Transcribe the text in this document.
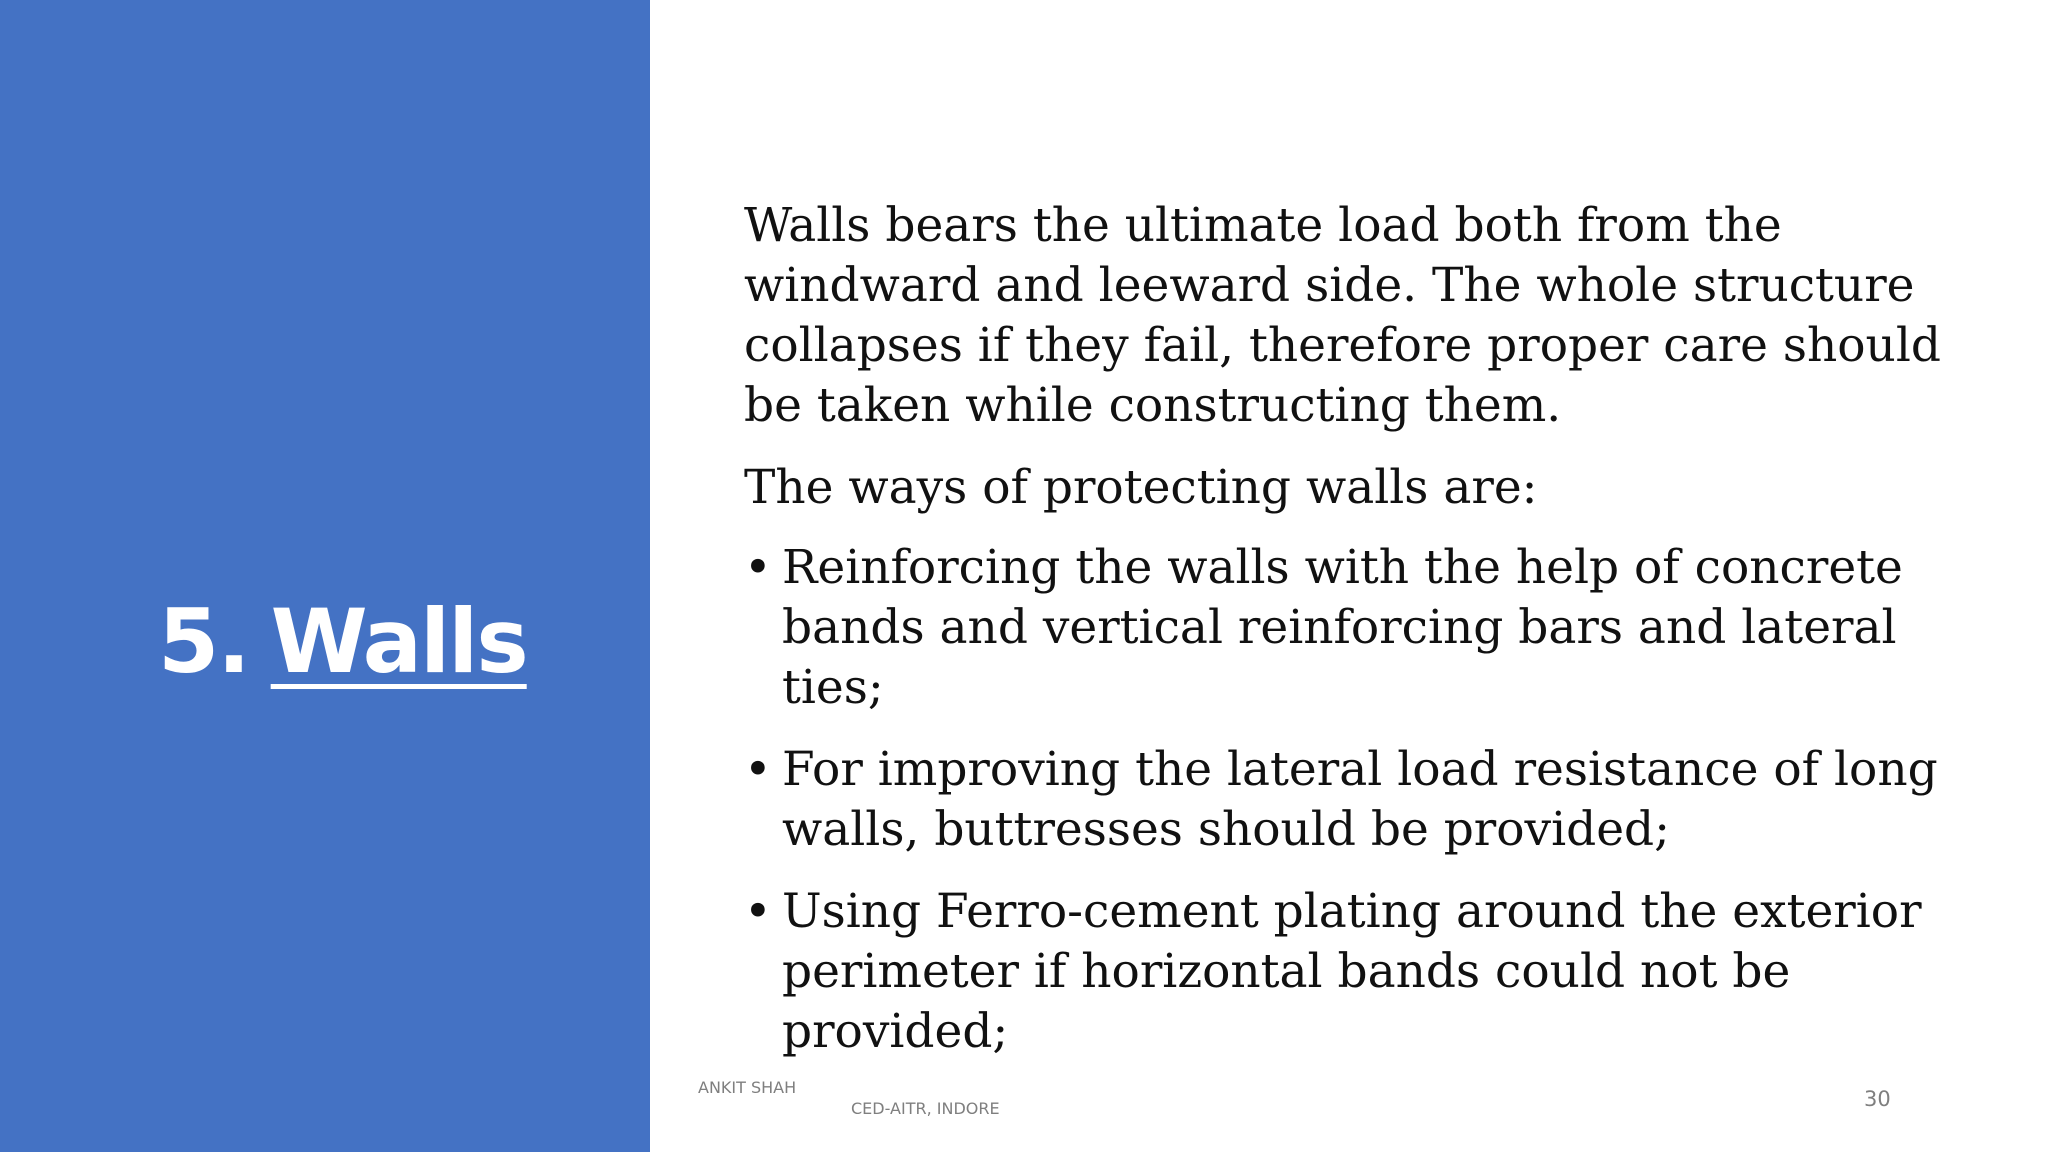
5. Walls

Walls bears the ultimate load both from the windward and leeward side. The whole structure collapses if they fail, therefore proper care should be taken while constructing them.

The ways of protecting walls are:

• Reinforcing the walls with the help of concrete bands and vertical reinforcing bars and lateral ties;
• For improving the lateral load resistance of long walls, buttresses should be provided;
• Using Ferro-cement plating around the exterior perimeter if horizontal bands could not be provided;
ANKIT SHAH
CED-AITR, INDORE	30
